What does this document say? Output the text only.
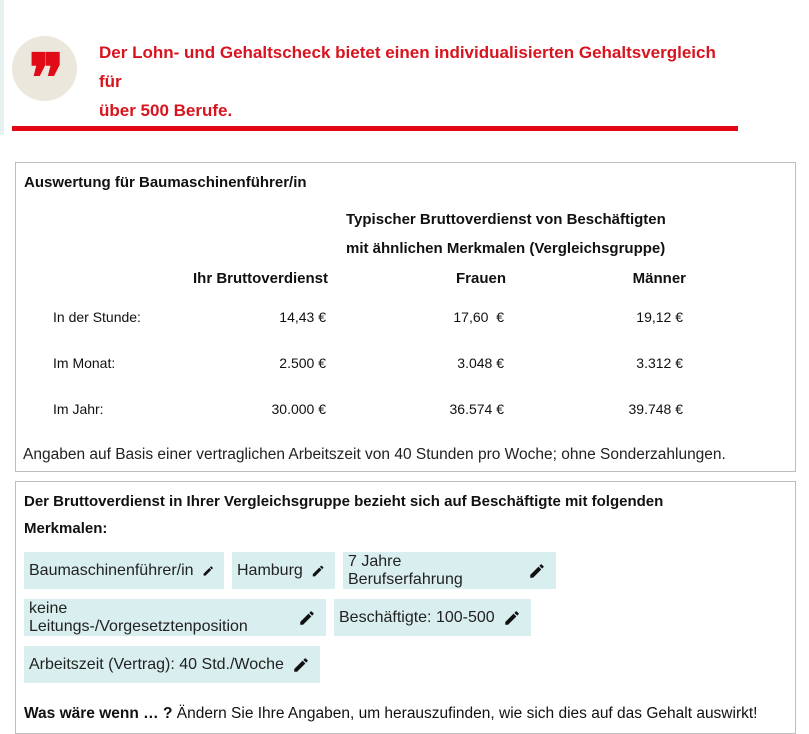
❞ Der Lohn- und Gehaltscheck bietet einen individualisierten Gehaltsvergleich für
über 500 Berufe.
Auswertung für Baumaschinenführer/in
Typischer Bruttoverdienst von Beschäftigten
mit ähnlichen Merkmalen (Vergleichsgruppe)
Ihr Bruttoverdienst	Frauen	Männer
In der Stunde:	14,43 €	17,60  €	19,12 €
Im Monat:	2.500 €	3.048 €	3.312 €
Im Jahr:	30.000 €	36.574 €	39.748 €
Angaben auf Basis einer vertraglichen Arbeitszeit von 40 Stunden pro Woche; ohne Sonderzahlungen.
Der Bruttoverdienst in Ihrer Vergleichsgruppe bezieht sich auf Beschäftigte mit folgenden
Merkmalen:
Baumaschinenführer/in	Hamburg
7 Jahre Berufserfahrung
keine Leitungs-/Vorgesetztenposition
Beschäftigte: 100-500
Arbeitszeit (Vertrag): 40 Std./Woche
Was wäre wenn … ? Ändern Sie Ihre Angaben, um herauszufinden, wie sich dies auf das Gehalt auswirkt!
